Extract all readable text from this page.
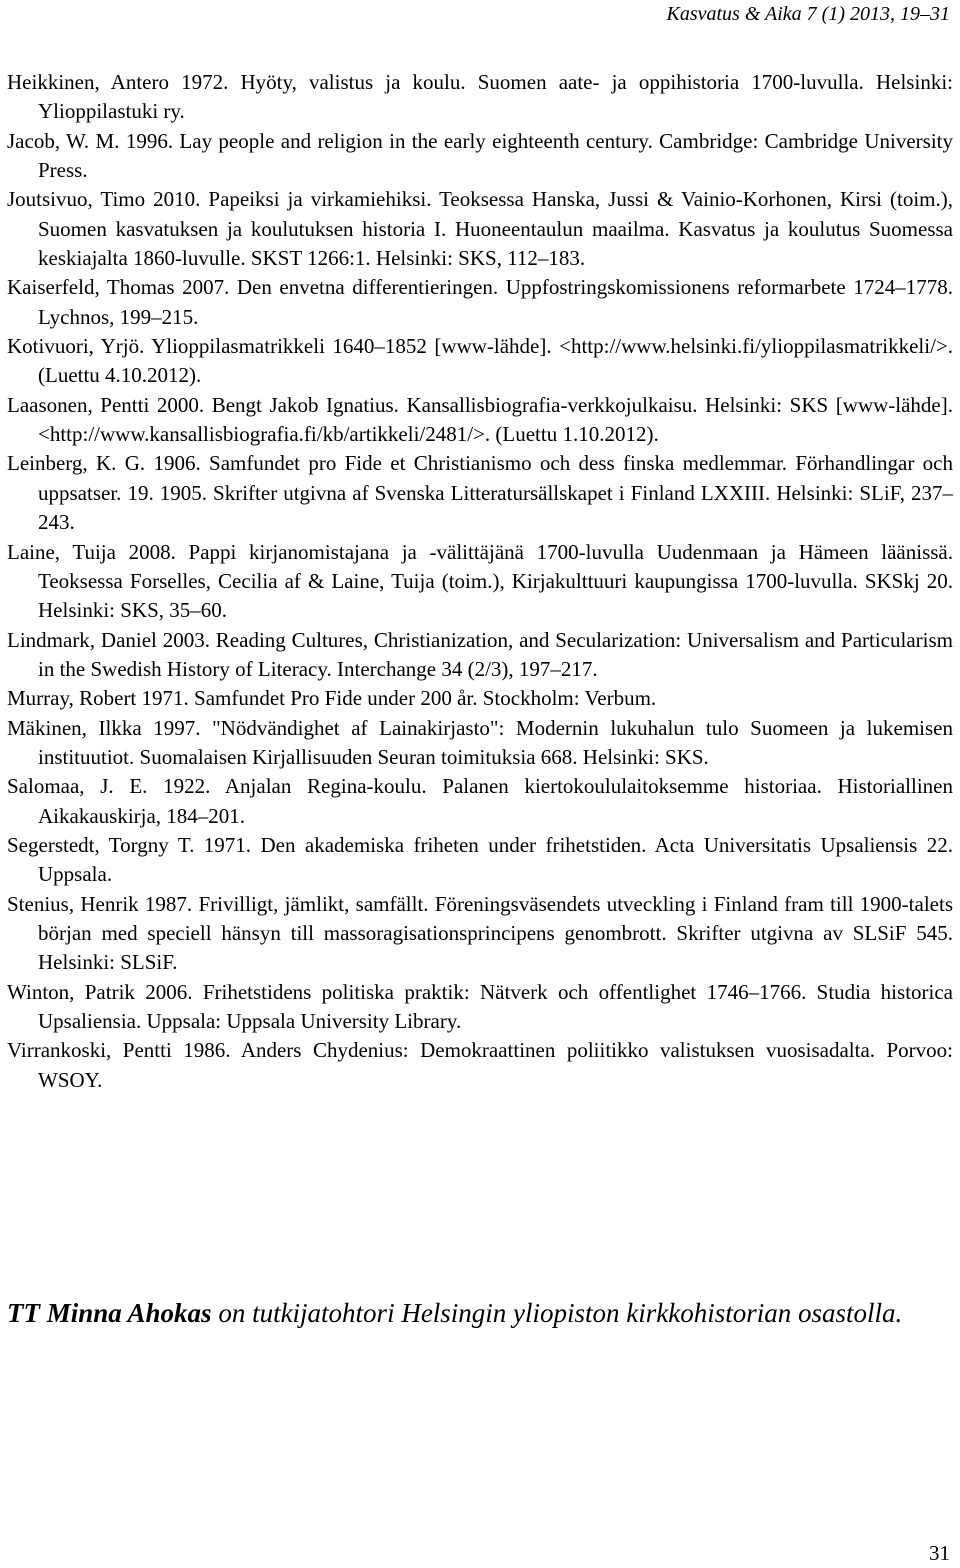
Kasvatus & Aika 7 (1) 2013, 19–31
Heikkinen, Antero 1972. Hyöty, valistus ja koulu. Suomen aate- ja oppihistoria 1700-luvulla. Helsinki: Ylioppilastuki ry.
Jacob, W. M. 1996. Lay people and religion in the early eighteenth century. Cambridge: Cambridge University Press.
Joutsivuo, Timo 2010. Papeiksi ja virkamiehiksi. Teoksessa Hanska, Jussi & Vainio-Korhonen, Kirsi (toim.), Suomen kasvatuksen ja koulutuksen historia I. Huoneentaulun maailma. Kasvatus ja koulutus Suomessa keskiajalta 1860-luvulle. SKST 1266:1. Helsinki: SKS, 112–183.
Kaiserfeld, Thomas 2007. Den envetna differentieringen. Uppfostringskomissionens reformarbete 1724–1778. Lychnos, 199–215.
Kotivuori, Yrjö. Ylioppilasmatrikkeli 1640–1852 [www-lähde]. <http://www.helsinki.​fi/ylioppilasmatrikkeli/>. (Luettu 4.10.2012).
Laasonen, Pentti 2000. Bengt Jakob Ignatius. Kansallisbiografia-verkkojulkaisu. Helsinki: SKS [www-lähde]. <http://www.kansallisbiografia.fi/kb/artikkeli/2481/>. (Luettu 1.10.2012).
Leinberg, K. G. 1906. Samfundet pro Fide et Christianismo och dess finska medlemmar. Förhandlingar och uppsatser. 19. 1905. Skrifter utgivna af Svenska Litteratursällskapet i Finland LXXIII. Helsinki: SLiF, 237–243.
Laine, Tuija 2008. Pappi kirjanomistajana ja -välittäjänä 1700-luvulla Uudenmaan ja Hämeen läänissä. Teoksessa Forselles, Cecilia af & Laine, Tuija (toim.), Kirjakulttuuri kaupungissa 1700-luvulla. SKSkj 20. Helsinki: SKS, 35–60.
Lindmark, Daniel 2003. Reading Cultures, Christianization, and Secularization: Universalism and Particularism in the Swedish History of Literacy. Interchange 34 (2/3), 197–217.
Murray, Robert 1971. Samfundet Pro Fide under 200 år. Stockholm: Verbum.
Mäkinen, Ilkka 1997. "Nödvändighet af Lainakirjasto": Modernin lukuhalun tulo Suomeen ja lukemisen instituutiot. Suomalaisen Kirjallisuuden Seuran toimituksia 668. Helsinki: SKS.
Salomaa, J. E. 1922. Anjalan Regina-koulu. Palanen kiertokoululaitoksemme historiaa. Historiallinen Aikakauskirja, 184–201.
Segerstedt, Torgny T. 1971. Den akademiska friheten under frihetstiden. Acta Universitatis Upsaliensis 22. Uppsala.
Stenius, Henrik 1987. Frivilligt, jämlikt, samfällt. Föreningsväsendets utveckling i Finland fram till 1900-talets början med speciell hänsyn till massoragisationsprincipens genombrott. Skrifter utgivna av SLSiF 545. Helsinki: SLSiF.
Winton, Patrik 2006. Frihetstidens politiska praktik: Nätverk och offentlighet 1746–1766. Studia historica Upsaliensia. Uppsala: Uppsala University Library.
Virrankoski, Pentti 1986. Anders Chydenius: Demokraattinen poliitikko valistuksen vuosisadalta. Porvoo: WSOY.
TT Minna Ahokas on tutkijatohtori Helsingin yliopiston kirkkohistorian osastolla.
31
